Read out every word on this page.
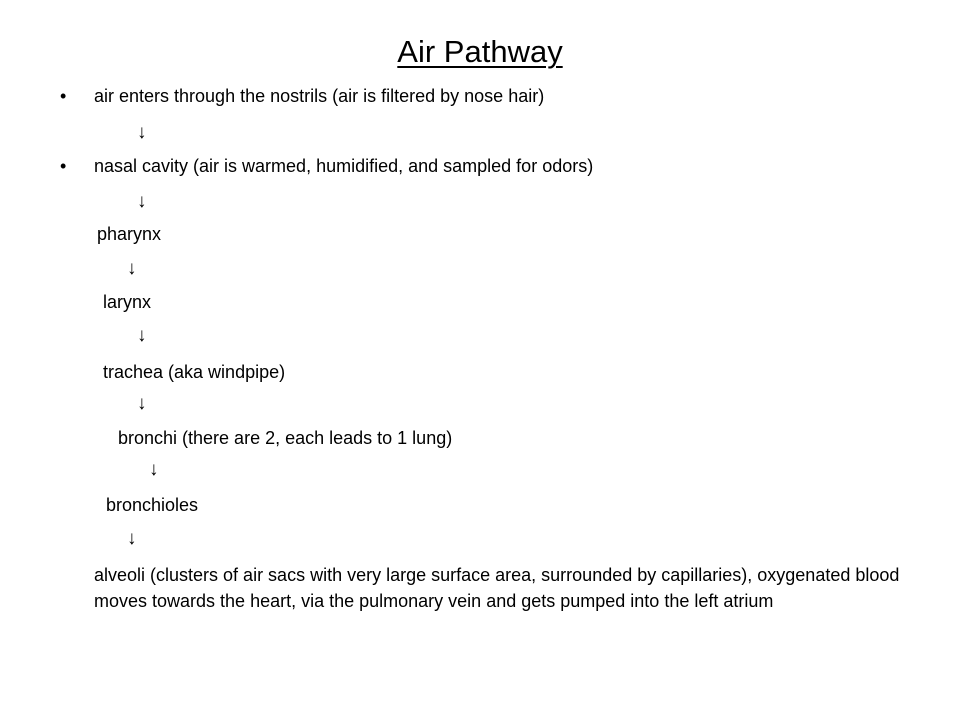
Air Pathway
• air enters through the nostrils (air is filtered by nose hair)
↓
• nasal cavity (air is warmed, humidified, and sampled for odors)
↓
pharynx
↓
larynx
↓
trachea (aka windpipe)
↓
bronchi (there are 2, each leads to 1 lung)
↓
bronchioles
↓
alveoli (clusters of air sacs with very large surface area, surrounded by capillaries), oxygenated blood moves towards the heart, via the pulmonary vein and gets pumped into the left atrium
